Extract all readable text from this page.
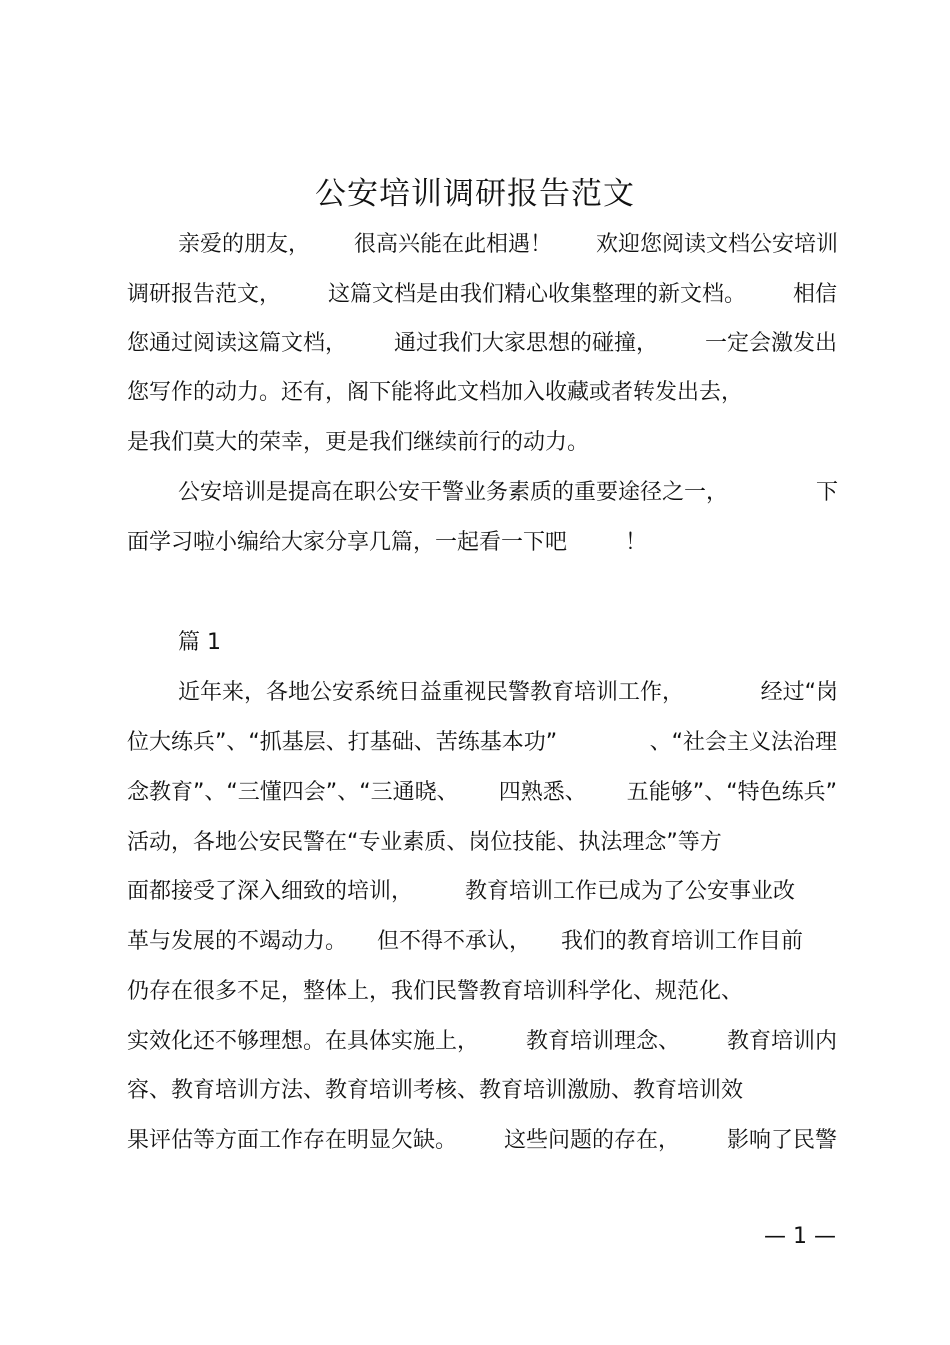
公安培训调研报告范文
亲爱的朋友， 很高兴能在此相遇！ 欢迎您阅读文档公安培训
调研报告范文， 这篇文档是由我们精心收集整理的新文档。 相信
您通过阅读这篇文档， 通过我们大家思想的碰撞， 一定会激发出
您写作的动力。还有，阁下能将此文档加入收藏或者转发出去，
是我们莫大的荣幸，更是我们继续前行的动力。
公安培训是提高在职公安干警业务素质的重要途径之一，	下
面学习啦小编给大家分享几篇，一起看一下吧	！
篇 1
近年来，各地公安系统日益重视民警教育培训工作，	经过“岗
位大练兵”、“抓基层、打基础、苦练基本功”	、“社会主义法治理
念教育”、“三懂四会”、“三通晓、 四熟悉、 五能够”、“特色练兵”
活动，各地公安民警在“专业素质、岗位技能、执法理念”等方
面都接受了深入细致的培训， 教育培训工作已成为了公安事业改
革与发展的不竭动力。 但不得不承认， 我们的教育培训工作目前
仍存在很多不足，整体上，我们民警教育培训科学化、规范化、
实效化还不够理想。在具体实施上， 教育培训理念、 教育培训内
容、教育培训方法、教育培训考核、教育培训激励、教育培训效
果评估等方面工作存在明显欠缺。 这些问题的存在， 影响了民警
— 1 —
